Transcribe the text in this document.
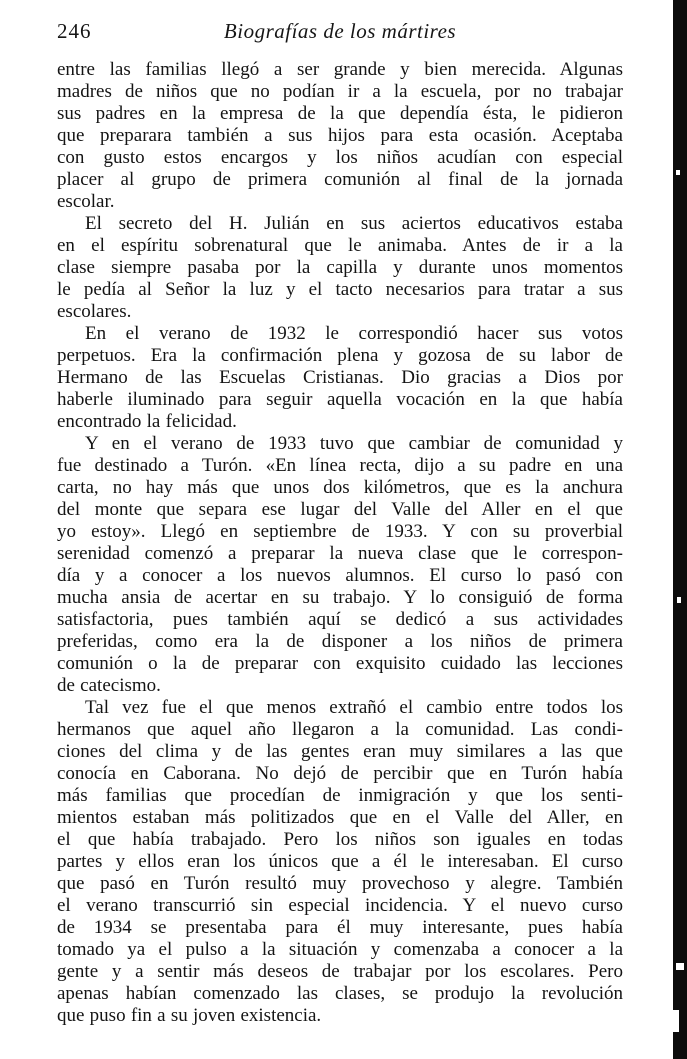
246	Biografías de los mártires
entre las familias llegó a ser grande y bien merecida. Algunas
madres de niños que no podían ir a la escuela, por no trabajar
sus padres en la empresa de la que dependía ésta, le pidieron
que preparara también a sus hijos para esta ocasión. Aceptaba
con gusto estos encargos y los niños acudían con especial
placer al grupo de primera comunión al final de la jornada
escolar.
El secreto del H. Julián en sus aciertos educativos estaba
en el espíritu sobrenatural que le animaba. Antes de ir a la
clase siempre pasaba por la capilla y durante unos momentos
le pedía al Señor la luz y el tacto necesarios para tratar a sus
escolares.
En el verano de 1932 le correspondió hacer sus votos
perpetuos. Era la confirmación plena y gozosa de su labor de
Hermano de las Escuelas Cristianas. Dio gracias a Dios por
haberle iluminado para seguir aquella vocación en la que había
encontrado la felicidad.
Y en el verano de 1933 tuvo que cambiar de comunidad y
fue destinado a Turón. «En línea recta, dijo a su padre en una
carta, no hay más que unos dos kilómetros, que es la anchura
del monte que separa ese lugar del Valle del Aller en el que
yo estoy». Llegó en septiembre de 1933. Y con su proverbial
serenidad comenzó a preparar la nueva clase que le correspon-
día y a conocer a los nuevos alumnos. El curso lo pasó con
mucha ansia de acertar en su trabajo. Y lo consiguió de forma
satisfactoria, pues también aquí se dedicó a sus actividades
preferidas, como era la de disponer a los niños de primera
comunión o la de preparar con exquisito cuidado las lecciones
de catecismo.
Tal vez fue el que menos extrañó el cambio entre todos los
hermanos que aquel año llegaron a la comunidad. Las condi-
ciones del clima y de las gentes eran muy similares a las que
conocía en Caborana. No dejó de percibir que en Turón había
más familias que procedían de inmigración y que los senti-
mientos estaban más politizados que en el Valle del Aller, en
el que había trabajado. Pero los niños son iguales en todas
partes y ellos eran los únicos que a él le interesaban. El curso
que pasó en Turón resultó muy provechoso y alegre. También
el verano transcurrió sin especial incidencia. Y el nuevo curso
de 1934 se presentaba para él muy interesante, pues había
tomado ya el pulso a la situación y comenzaba a conocer a la
gente y a sentir más deseos de trabajar por los escolares. Pero
apenas habían comenzado las clases, se produjo la revolución
que puso fin a su joven existencia.
